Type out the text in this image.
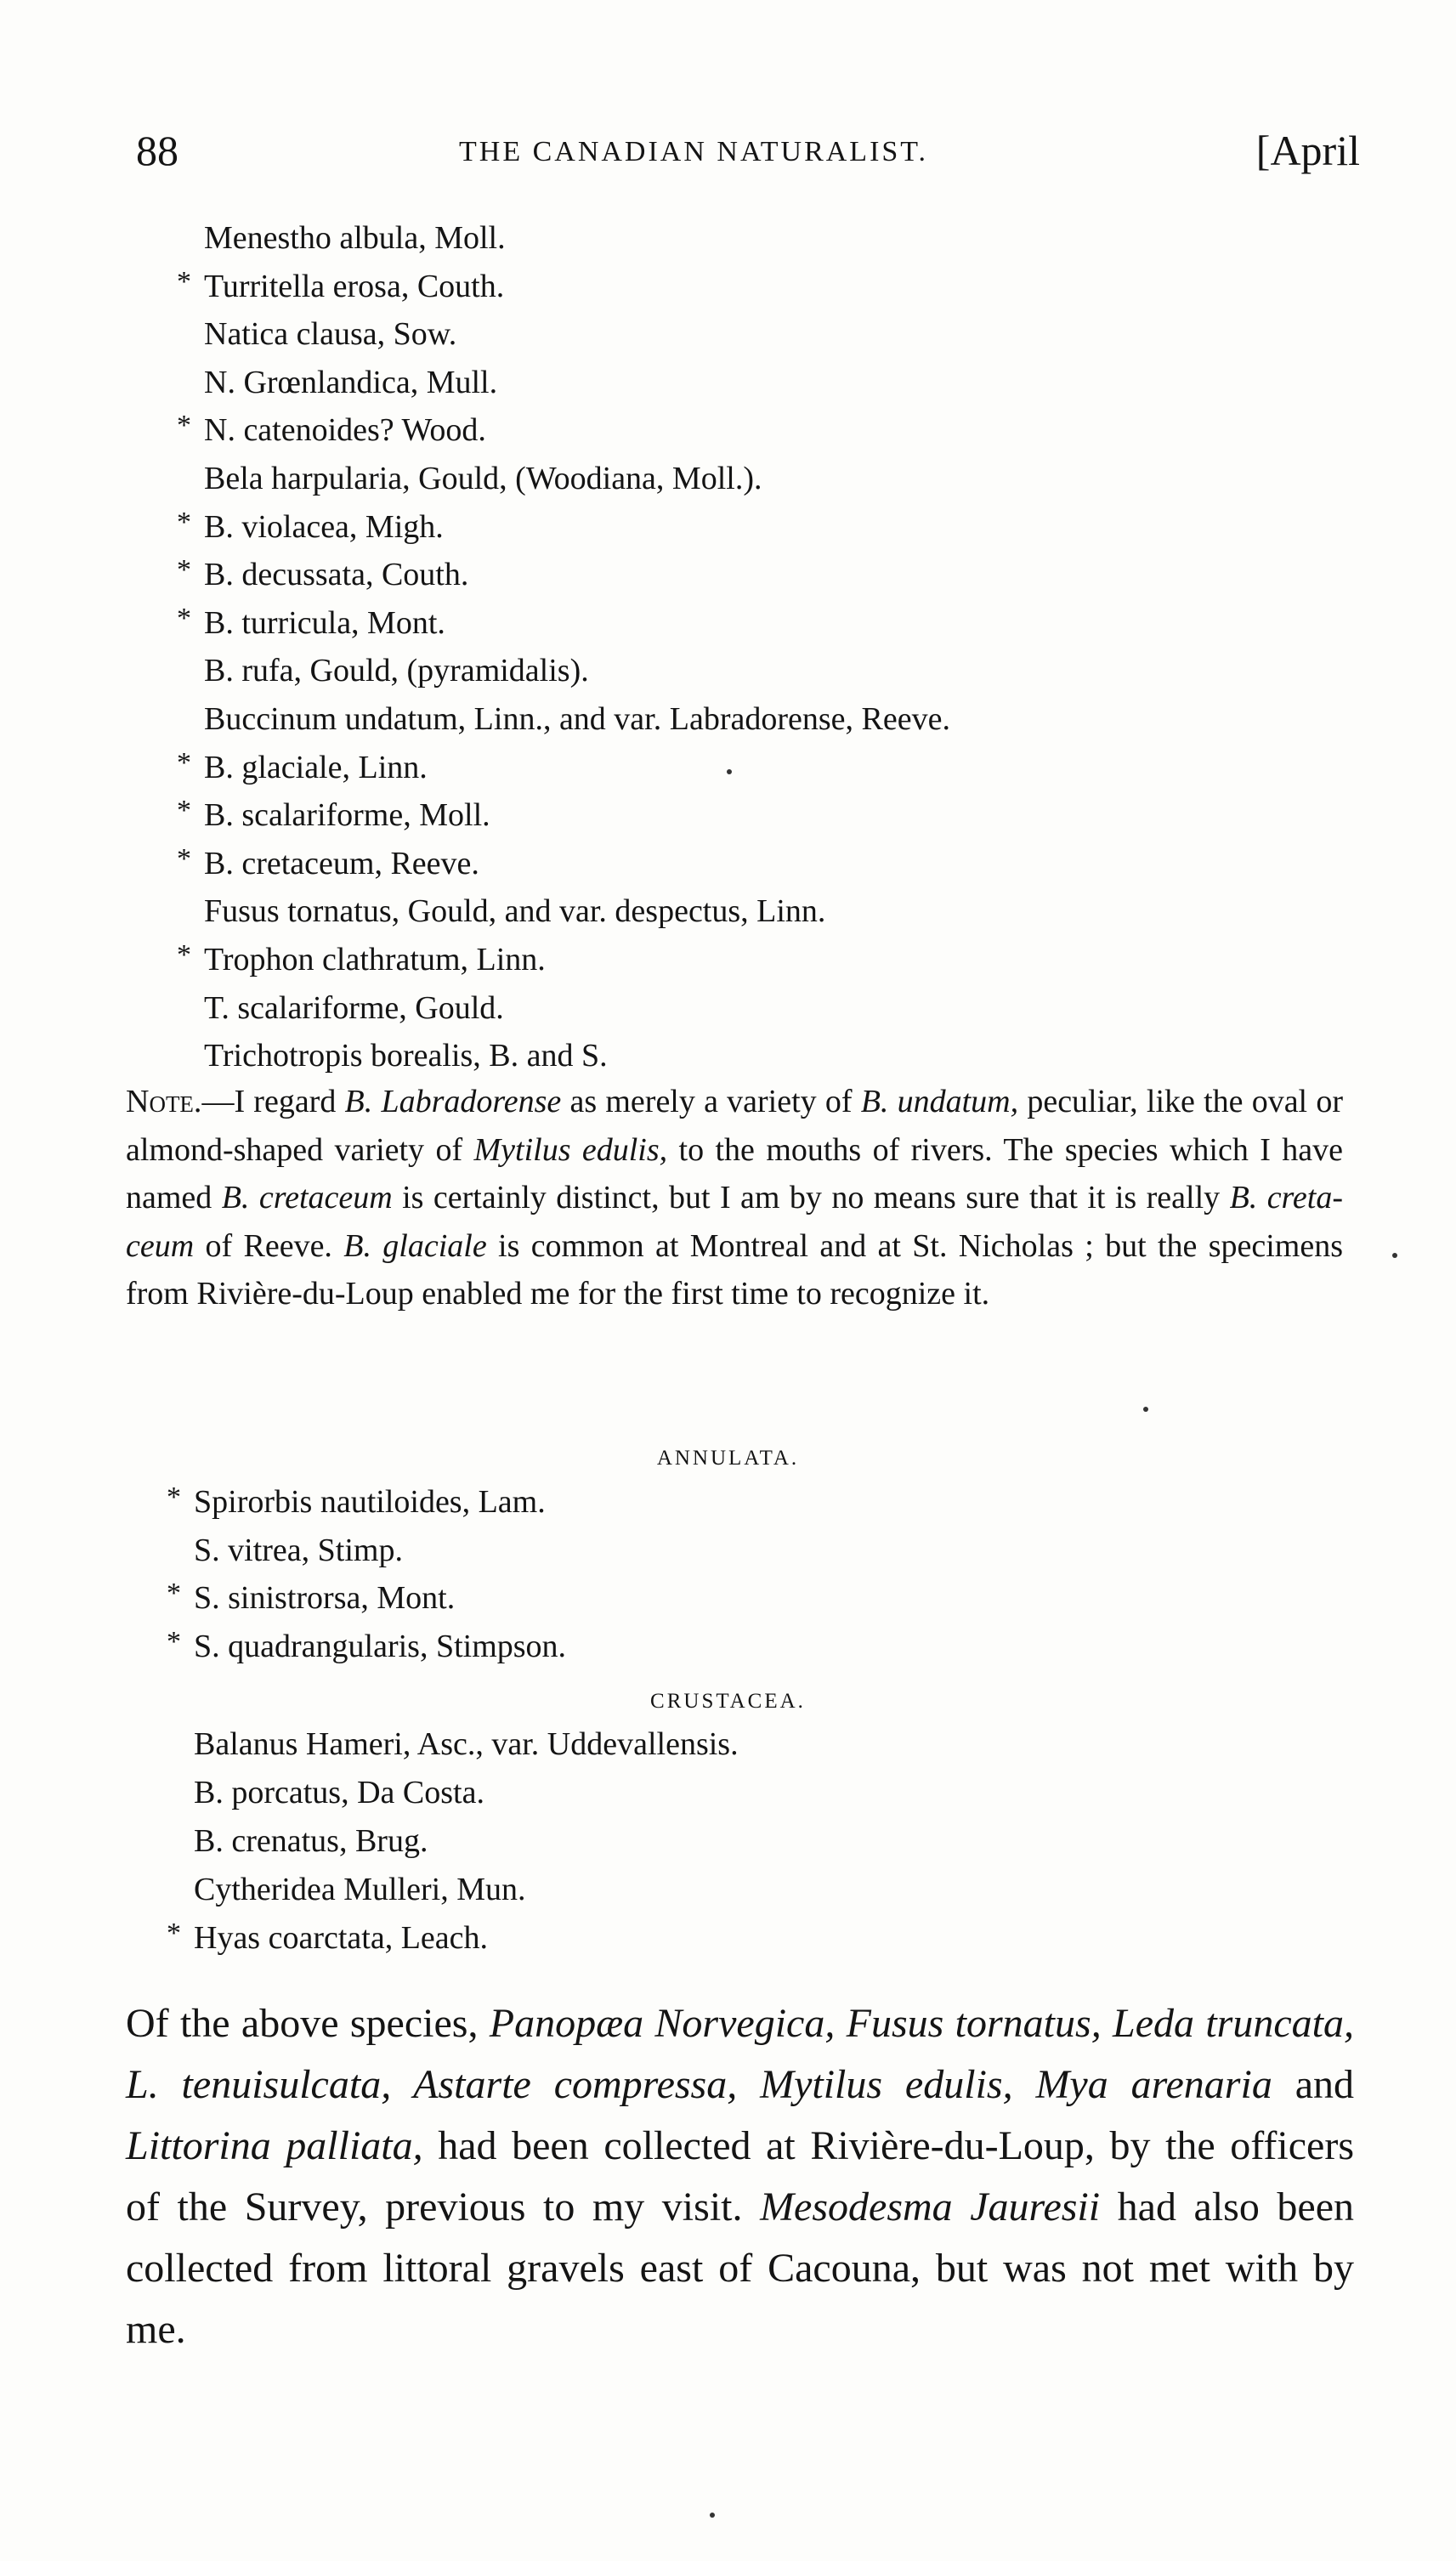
88	THE CANADIAN NATURALIST.	[April
Menestho albula, Moll.
* Turritella erosa, Couth.
Natica clausa, Sow.
N. Grœnlandica, Mull.
* N. catenoides? Wood.
Bela harpularia, Gould, (Woodiana, Moll.).
* B. violacea, Migh.
* B. decussata, Couth.
* B. turricula, Mont.
B. rufa, Gould, (pyramidalis).
Buccinum undatum, Linn., and var. Labradorense, Reeve.
* B. glaciale, Linn.
* B. scalariforme, Moll.
* B. cretaceum, Reeve.
Fusus tornatus, Gould, and var. despectus, Linn.
* Trophon clathratum, Linn.
T. scalariforme, Gould.
Trichotropis borealis, B. and S.
Note.—I regard B. Labradorense as merely a variety of B. undatum, peculiar, like the oval or almond-shaped variety of Mytilus edulis, to the mouths of rivers. The species which I have named B. cretaceum is certainly distinct, but I am by no means sure that it is really B. creta-ceum of Reeve. B. glaciale is common at Montreal and at St. Nicholas ; but the specimens from Rivière-du-Loup enabled me for the first time to recognize it.
ANNULATA.
* Spirorbis nautiloides, Lam.
S. vitrea, Stimp.
* S. sinistrorsa, Mont.
* S. quadrangularis, Stimpson.
CRUSTACEA.
Balanus Hameri, Asc., var. Uddevallensis.
B. porcatus, Da Costa.
B. crenatus, Brug.
Cytheridea Mulleri, Mun.
* Hyas coarctata, Leach.
Of the above species, Panopæa Norvegica, Fusus tornatus, Leda truncata, L. tenuisulcata, Astarte compressa, Mytilus edulis, Mya arenaria and Littorina palliata, had been collected at Rivière-du-Loup, by the officers of the Survey, previous to my visit. Mesodesma Jauresii had also been collected from littoral gravels east of Cacouna, but was not met with by me.
